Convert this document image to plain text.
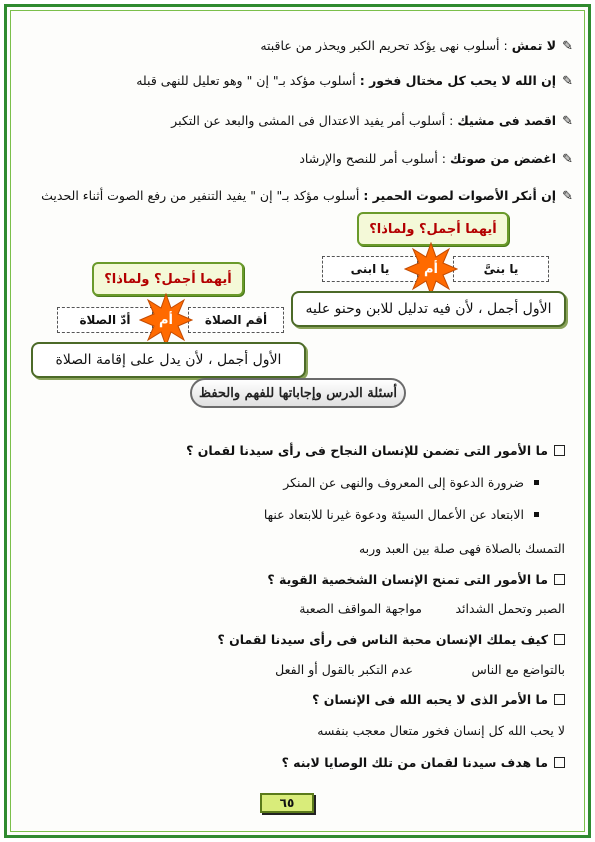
✎لا تمش : أسلوب نهى يؤكد تحريم الكبر ويحذر من عاقبته
✎إن الله لا يحب كل مختال فخور : أسلوب مؤكد بـ" إن " وهو تعليل للنهى قبله
✎اقصد فى مشيك : أسلوب أمر يفيد الاعتدال فى المشى والبعد عن التكبر
✎اغضض من صوتك : أسلوب أمر للنصح والإرشاد
✎إن أنكر الأصوات لصوت الحمير : أسلوب مؤكد بـ" إن " يفيد التنفير من رفع الصوت أثناء الحديث
أيهما أجمل؟ ولماذا؟
يا بنىَّ
يا ابنى	أم
الأول أجمل ، لأن فيه تدليل للابن وحنو عليه
أيهما أجمل؟ ولماذا؟
أقم الصلاة
أدّ الصلاة	أم
الأول أجمل ، لأن يدل على إقامة الصلاة
أسئلة الدرس وإجاباتها للفهم والحفظ
ما الأمور التى تضمن للإنسان النجاح فى رأى سيدنا لقمان ؟
ضرورة الدعوة إلى المعروف والنهى عن المنكر
الابتعاد عن الأعمال السيئة ودعوة غيرنا للابتعاد عنها
التمسك بالصلاة فهى صلة بين العبد وربه
ما الأمور التى تمنح الإنسان الشخصية القوية ؟
الصبر وتحمل الشدائد
مواجهة المواقف الصعبة
كيف يملك الإنسان محبة الناس فى رأى سيدنا لقمان ؟
بالتواضع مع الناس
عدم التكبر بالقول أو الفعل
ما الأمر الذى لا يحبه الله فى الإنسان ؟
لا يحب الله كل إنسان فخور متعال معجب بنفسه
ما هدف سيدنا لقمان من تلك الوصايا لابنه ؟
٦٥
